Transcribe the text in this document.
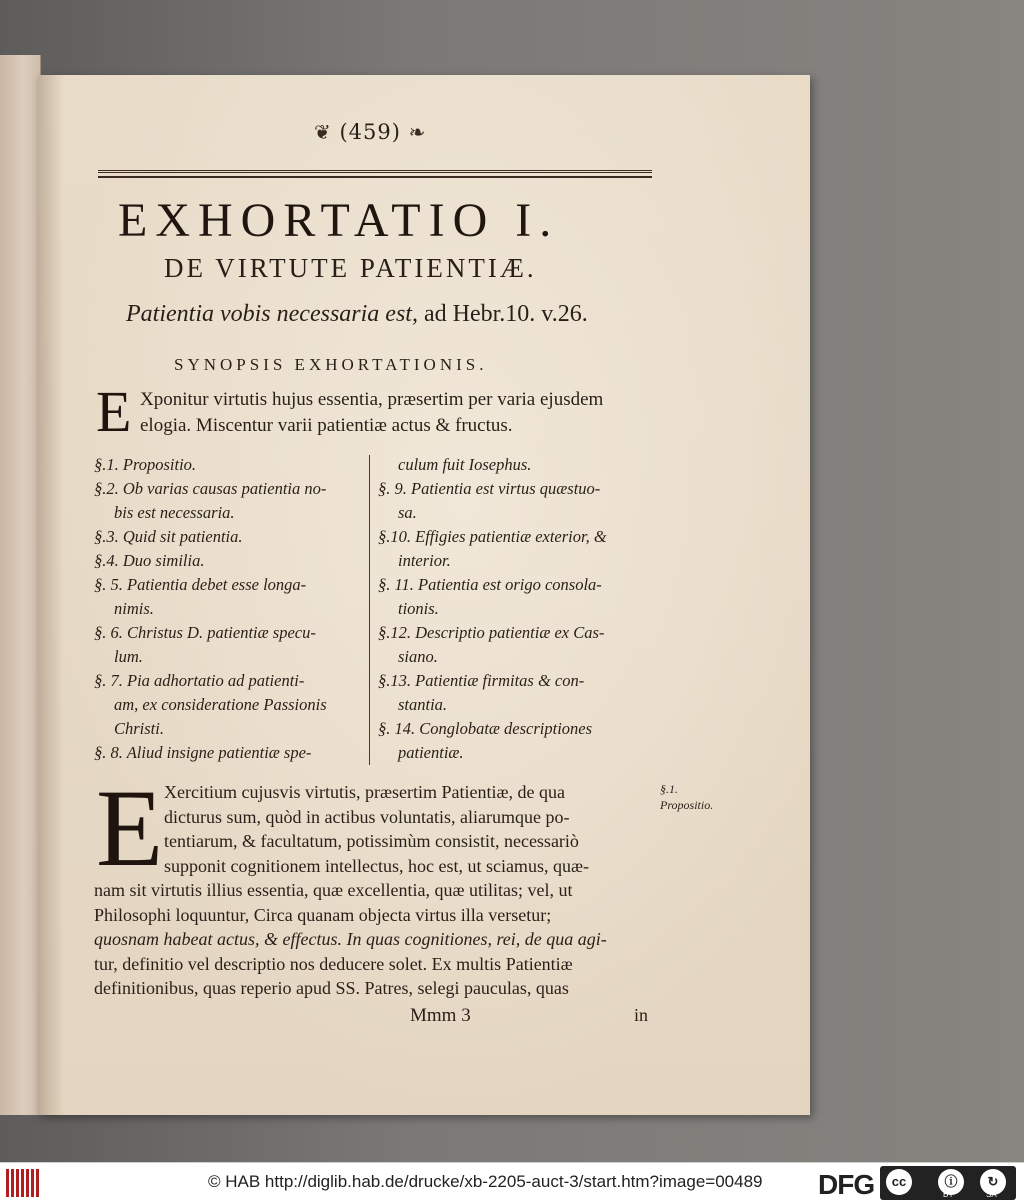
❦ (459) ❧
EXHORTATIO I.
DE VIRTUTE PATIENTIÆ.
Patientia vobis necessaria est, ad Hebr.10. v.26.
SYNOPSIS EXHORTATIONIS.
E Xponitur virtutis hujus essentia, præsertim per varia ejusdem
elogia. Miscentur varii patientiæ actus & fructus.
§.1. Propositio.
§.2. Ob varias causas patientia no-
bis est necessaria.
§.3. Quid sit patientia.
§.4. Duo similia.
§. 5. Patientia debet esse longa-
nimis.
§. 6. Christus D. patientiæ specu-
lum.
§. 7. Pia adhortatio ad patienti-
am, ex consideratione Passionis
Christi.
§. 8. Aliud insigne patientiæ spe-
culum fuit Iosephus.
§. 9. Patientia est virtus quæstuo-
sa.
§.10. Effigies patientiæ exterior, &
interior.
§. 11. Patientia est origo consola-
tionis.
§.12. Descriptio patientiæ ex Cas-
siano.
§.13. Patientiæ firmitas & con-
stantia.
§. 14. Conglobatæ descriptiones
patientiæ.
E Xercitium cujusvis virtutis, præsertim Patientiæ, de qua
dicturus sum, quòd in actibus voluntatis, aliarumque po-
tentiarum, & facultatum, potissimùm consistit, necessariò
supponit cognitionem intellectus, hoc est, ut sciamus, quæ-
nam sit virtutis illius essentia, quæ excellentia, quæ utilitas; vel, ut
Philosophi loquuntur, Circa quanam objecta virtus illa versetur;
quosnam habeat actus, & effectus. In quas cognitiones, rei, de qua agi-
tur, definitio vel descriptio nos deducere solet. Ex multis Patientiæ
definitionibus, quas reperio apud SS. Patres, selegi pauculas, quas
§.1. Propositio.
Mmm 3	in
© HAB http://diglib.hab.de/drucke/xb-2205-auct-3/start.htm?image=00489 DFG	cc	ⓘ
BY
↻
SA
